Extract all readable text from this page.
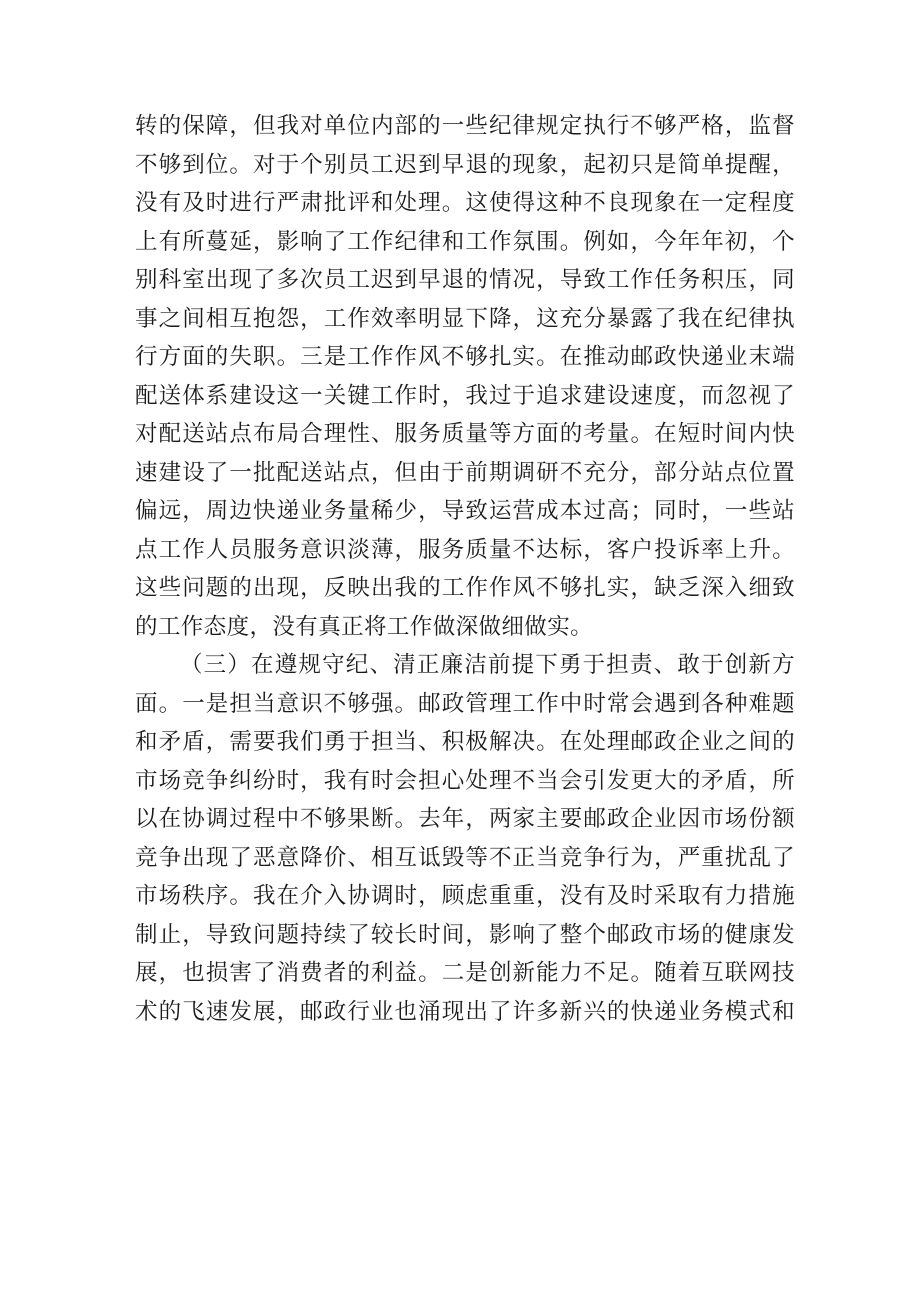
转的保障，但我对单位内部的一些纪律规定执行不够严格，监督
不够到位。对于个别员工迟到早退的现象，起初只是简单提醒，
没有及时进行严肃批评和处理。这使得这种不良现象在一定程度
上有所蔓延，影响了工作纪律和工作氛围。例如，今年年初，个
别科室出现了多次员工迟到早退的情况，导致工作任务积压，同
事之间相互抱怨，工作效率明显下降，这充分暴露了我在纪律执
行方面的失职。三是工作作风不够扎实。在推动邮政快递业末端
配送体系建设这一关键工作时，我过于追求建设速度，而忽视了
对配送站点布局合理性、服务质量等方面的考量。在短时间内快
速建设了一批配送站点，但由于前期调研不充分，部分站点位置
偏远，周边快递业务量稀少，导致运营成本过高；同时，一些站
点工作人员服务意识淡薄，服务质量不达标，客户投诉率上升。
这些问题的出现，反映出我的工作作风不够扎实，缺乏深入细致
的工作态度，没有真正将工作做深做细做实。
（三）在遵规守纪、清正廉洁前提下勇于担责、敢于创新方
面。一是担当意识不够强。邮政管理工作中时常会遇到各种难题
和矛盾，需要我们勇于担当、积极解决。在处理邮政企业之间的
市场竞争纠纷时，我有时会担心处理不当会引发更大的矛盾，所
以在协调过程中不够果断。去年，两家主要邮政企业因市场份额
竞争出现了恶意降价、相互诋毁等不正当竞争行为，严重扰乱了
市场秩序。我在介入协调时，顾虑重重，没有及时采取有力措施
制止，导致问题持续了较长时间，影响了整个邮政市场的健康发
展，也损害了消费者的利益。二是创新能力不足。随着互联网技
术的飞速发展，邮政行业也涌现出了许多新兴的快递业务模式和
